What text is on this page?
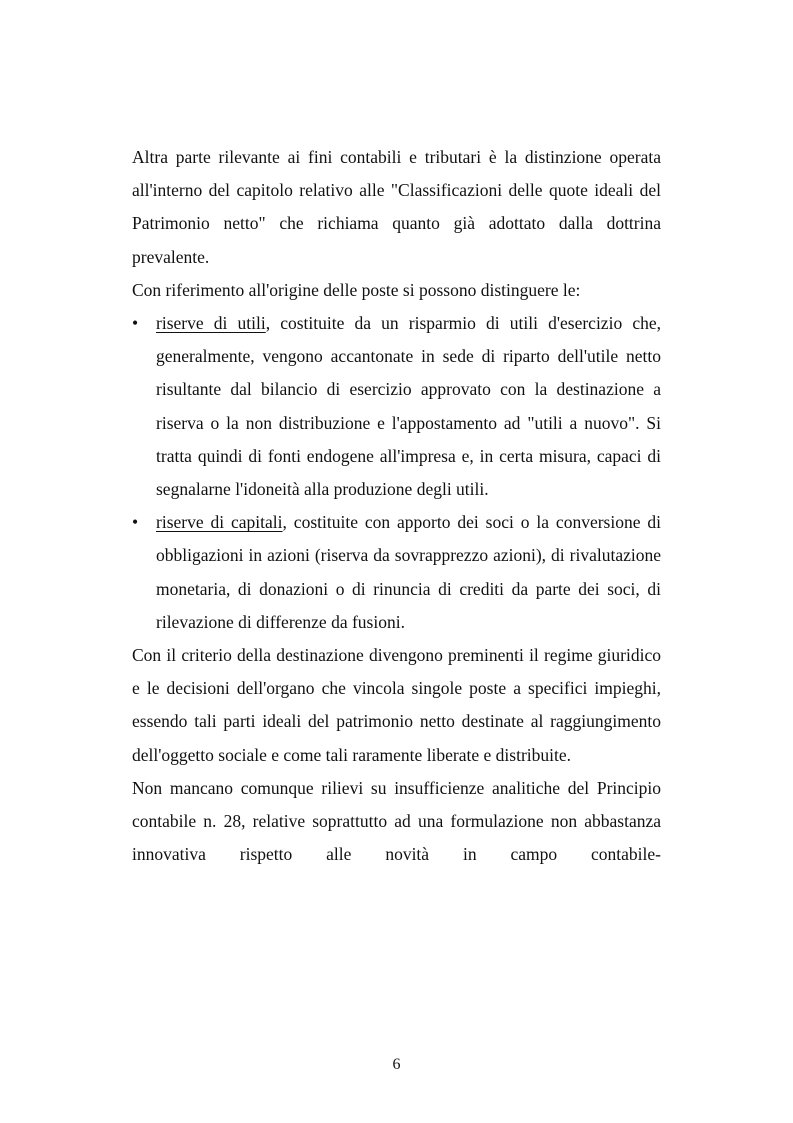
Altra parte rilevante ai fini contabili e tributari è la distinzione operata all'interno del capitolo relativo alle "Classificazioni delle quote ideali del Patrimonio netto" che richiama quanto già adottato dalla dottrina prevalente.

Con riferimento all'origine delle poste si possono distinguere le:

• riserve di utili, costituite da un risparmio di utili d'esercizio che, generalmente, vengono accantonate in sede di riparto dell'utile netto risultante dal bilancio di esercizio approvato con la destinazione a riserva o la non distribuzione e l'appostamento ad "utili a nuovo". Si tratta quindi di fonti endogene all'impresa e, in certa misura, capaci di segnalarne l'idoneità alla produzione degli utili.
• riserve di capitali, costituite con apporto dei soci o la conversione di obbligazioni in azioni (riserva da sovrapprezzo azioni), di rivalutazione monetaria, di donazioni o di rinuncia di crediti da parte dei soci, di rilevazione di differenze da fusioni.

Con il criterio della destinazione divengono preminenti il regime giuridico e le decisioni dell'organo che vincola singole poste a specifici impieghi, essendo tali parti ideali del patrimonio netto destinate al raggiungimento dell'oggetto sociale e come tali raramente liberate e distribuite.

Non mancano comunque rilievi su insufficienze analitiche del Principio contabile n. 28, relative soprattutto ad una formulazione non abbastanza innovativa rispetto alle novità in campo contabile-

6
